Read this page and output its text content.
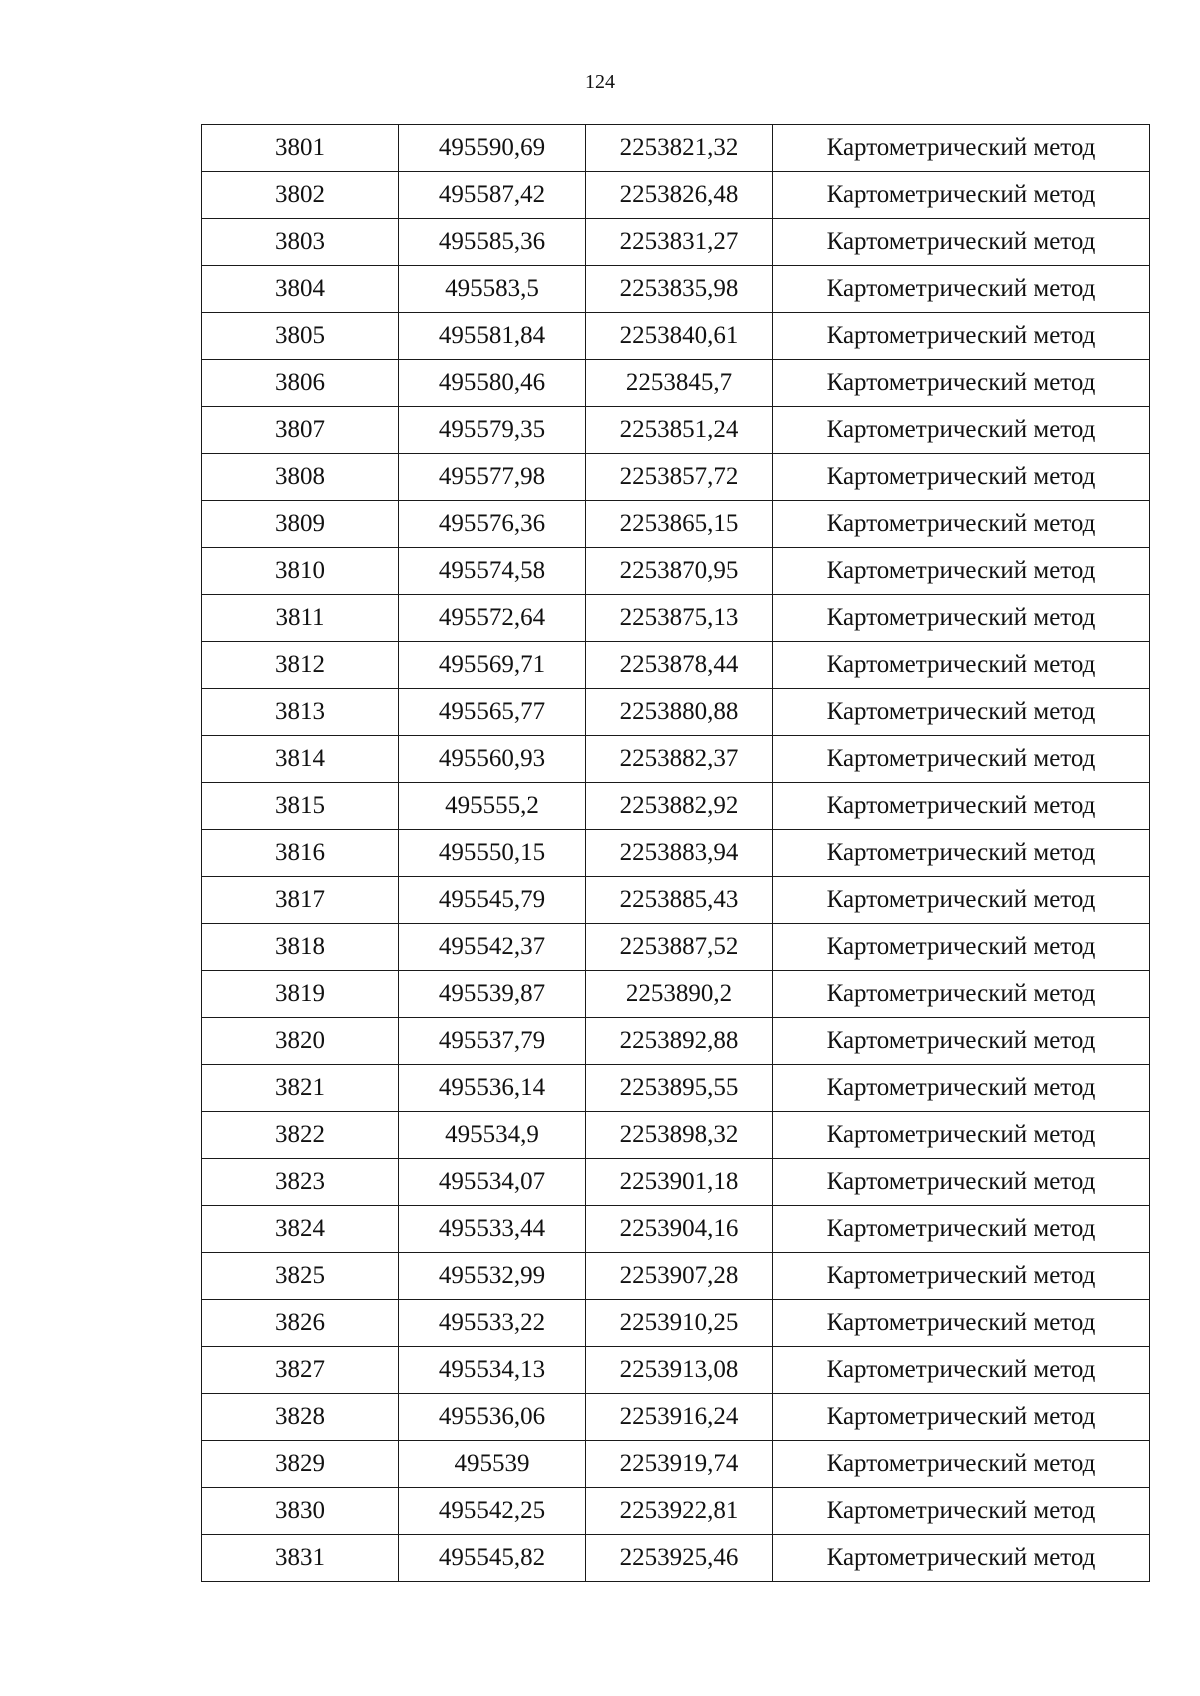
124
3801	495590,69	2253821,32	Картометрический метод
3802	495587,42	2253826,48	Картометрический метод
3803	495585,36	2253831,27	Картометрический метод
3804	495583,5	2253835,98	Картометрический метод
3805	495581,84	2253840,61	Картометрический метод
3806	495580,46	2253845,7	Картометрический метод
3807	495579,35	2253851,24	Картометрический метод
3808	495577,98	2253857,72	Картометрический метод
3809	495576,36	2253865,15	Картометрический метод
3810	495574,58	2253870,95	Картометрический метод
3811	495572,64	2253875,13	Картометрический метод
3812	495569,71	2253878,44	Картометрический метод
3813	495565,77	2253880,88	Картометрический метод
3814	495560,93	2253882,37	Картометрический метод
3815	495555,2	2253882,92	Картометрический метод
3816	495550,15	2253883,94	Картометрический метод
3817	495545,79	2253885,43	Картометрический метод
3818	495542,37	2253887,52	Картометрический метод
3819	495539,87	2253890,2	Картометрический метод
3820	495537,79	2253892,88	Картометрический метод
3821	495536,14	2253895,55	Картометрический метод
3822	495534,9	2253898,32	Картометрический метод
3823	495534,07	2253901,18	Картометрический метод
3824	495533,44	2253904,16	Картометрический метод
3825	495532,99	2253907,28	Картометрический метод
3826	495533,22	2253910,25	Картометрический метод
3827	495534,13	2253913,08	Картометрический метод
3828	495536,06	2253916,24	Картометрический метод
3829	495539	2253919,74	Картометрический метод
3830	495542,25	2253922,81	Картометрический метод
3831	495545,82	2253925,46	Картометрический метод
